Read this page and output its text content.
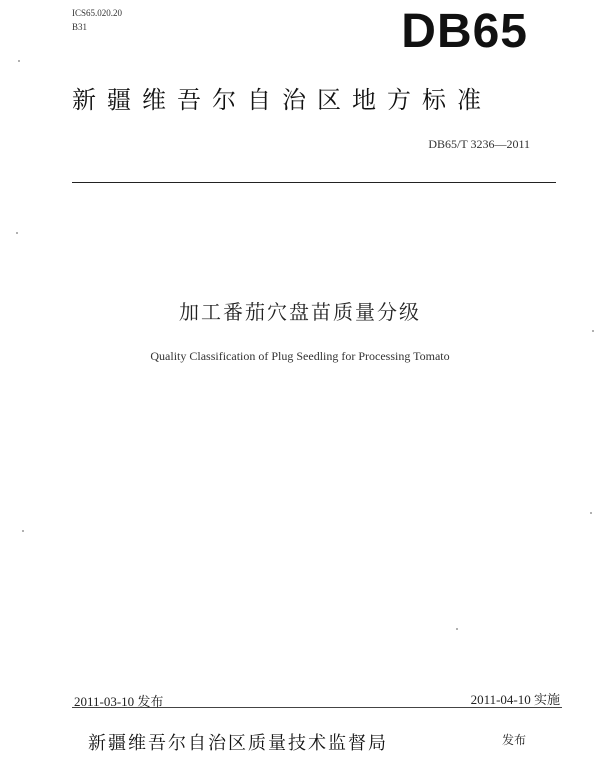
ICS65.020.20
B31	DB65
新疆维吾尔自治区地方标准
DB65/T 3236—2011
加工番茄穴盘苗质量分级
Quality Classification of Plug Seedling for Processing Tomato
2011-03-10 发布	2011-04-10 实施
新疆维吾尔自治区质量技术监督局	发布
